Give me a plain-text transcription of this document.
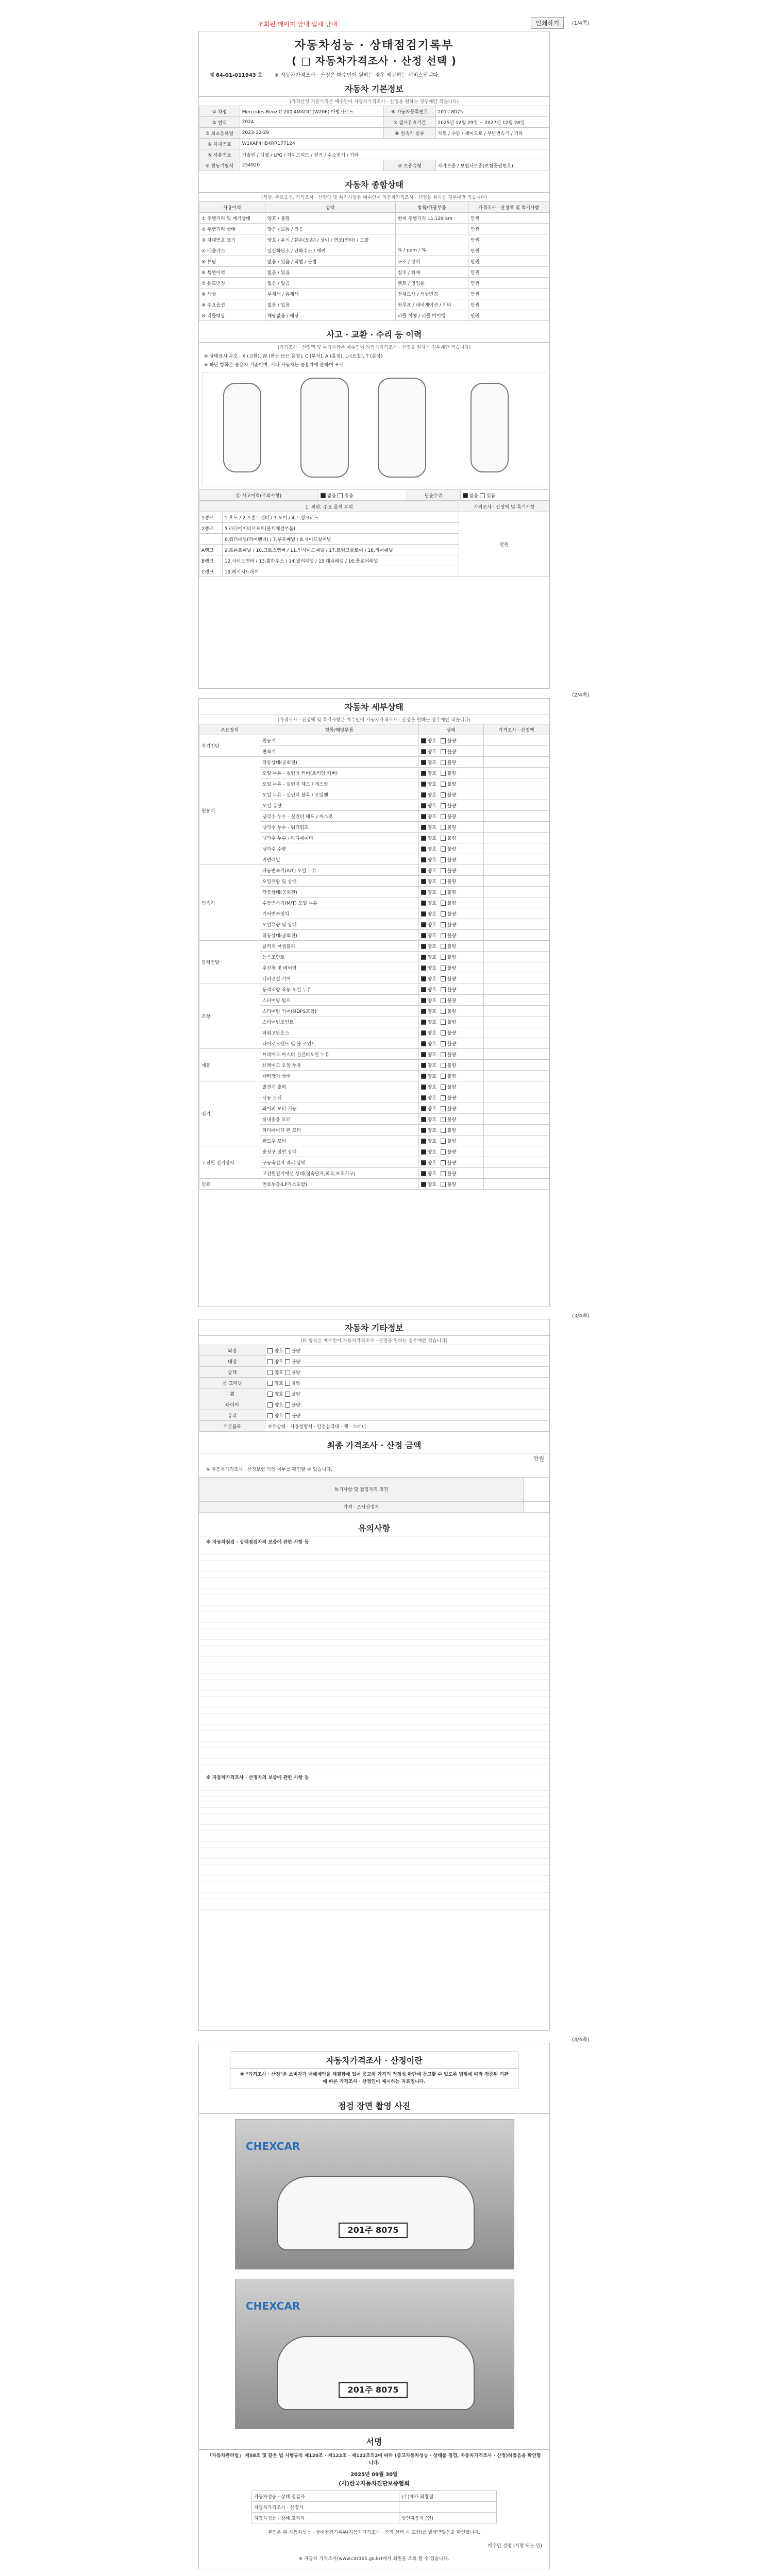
조회된 페이지 안내 업체 안내	인쇄하기	(1/4쪽)
자동차성능 · 상태점검기록부
( □ 자동차가격조사 · 산정 선택 )
제 64-01-011943 호 ※ 자동차가격조사 · 산정은 매수인이 원하는 경우 제공하는 서비스입니다.
자동차 기본정보
(가격산정 기준가격은 매수인이 자동차가격조사 · 산정을 원하는 경우에만 적습니다)
① 차명	Mercedes-Benz C 200 4MATIC (W206) 아방가르드	⑥ 자동차등록번호	201주8075
② 연식	2024	⑦ 검사유효기간	2025년 12월 29일 ~ 2027년 12월 28일
③ 최초등록일	2023-12-29	⑧ 변속기 종류	자동 / 수동 / 세미오토 / 무단변속기 / 기타
④ 차대번호	W1KAF4HB4RR177124		
⑤ 사용연료	가솔린 / 디젤 / LPG / 하이브리드 / 전기 / 수소전기 / 기타		
⑨ 원동기형식	254920	⑩ 보증유형	자가보증 / 보험사보증(보험증권번호)
자동차 종합상태
(색상, 주요옵션, 가격조사 · 산정액 및 특기사항은 매수인이 자동차가격조사 · 산정을 원하는 경우에만 적습니다)
사용이력	상태	항목/해당부품	가격조사 · 산정액 및 특기사항
① 주행거리 및 계기상태	양호 / 불량	현재 주행거리 11,129 km	만원
② 주행거리 상태	많음 / 보통 / 적음		만원
③ 차대번호 표기	양호 / 부식 / 훼손(오손) / 상이 / 변조(변타) / 도말		만원
④ 배출가스	일산화탄소 / 탄화수소 / 매연	% / ppm / %	만원
⑤ 튜닝	없음 / 있음 / 적법 / 불법	구조 / 장치	만원
⑥ 특별이력	없음 / 있음	침수 / 화재	만원
⑦ 용도변경	없음 / 있음	렌트 / 영업용	만원
⑧ 색상	무채색 / 유채색	전체도색 / 색상변경	만원
⑨ 주요옵션	없음 / 있음	썬루프 / 네비게이션 / 기타	만원
⑩ 리콜대상	해당없음 / 해당	리콜 이행 / 리콜 미이행	만원
사고 · 교환 · 수리 등 이력
(가격조사 · 산정액 및 특기사항은 매수인이 자동차가격조사 · 산정을 원하는 경우에만 적습니다)
※ 상태표시 부호 : X (교환), W (판금 또는 용접), C (부식), A (흠집), U (요철), T (손상)
※ 하단 항목은 승용차 기준이며, 기타 자동차는 승용차에 준하여 표시
⑪ 사고이력(주의사항)	없음 있음	단순수리	없음 있음
1. 외판, 주요 골격 부위		가격조사 · 산정액 및 특기사항
1랭크	1.후드 / 2.프론트펜더 / 3.도어 / 4.트렁크리드	만원
2랭크	5.라디에이터서포트(볼트체결부품)	
	6.쿼터패널(리어펜더) / 7.루프패널 / 8.사이드실패널	
A랭크	9.프론트패널 / 10.크로스멤버 / 11.인사이드패널 / 17.트렁크플로어 / 18.리어패널	
B랭크	12.사이드멤버 / 13.휠하우스 / 14.필러패널 / 15.대쉬패널 / 16.플로어패널	
C랭크	19.패키지트레이	
(2/4쪽)
자동차 세부상태
(가격조사 · 산정액 및 특기사항은 매수인이 자동차가격조사 · 산정을 원하는 경우에만 적습니다)
주요장치	항목/해당부품	상태	가격조사 · 산정액
자기진단	원동기	양호 불량	
	변속기	양호 불량	
원동기	작동상태(공회전)	양호 불량	
	오일 누유 - 실린더 커버(로커암 커버)	양호 불량	
	오일 누유 - 실린더 헤드 / 개스킷	양호 불량	
	오일 누유 - 실린더 블록 / 오일팬	양호 불량	
	오일 유량	양호 불량	
	냉각수 누수 - 실린더 헤드 / 개스킷	양호 불량	
	냉각수 누수 - 워터펌프	양호 불량	
	냉각수 누수 - 라디에이터	양호 불량	
	냉각수 수량	양호 불량	
	커먼레일	양호 불량	
변속기	자동변속기(A/T) 오일 누유	양호 불량	
	오일유량 및 상태	양호 불량	
	작동상태(공회전)	양호 불량	
	수동변속기(M/T) 오일 누유	양호 불량	
	기어변속장치	양호 불량	
	오일유량 및 상태	양호 불량	
	작동상태(공회전)	양호 불량	
동력전달	클러치 어셈블리	양호 불량	
	등속조인트	양호 불량	
	추진축 및 베어링	양호 불량	
	디퍼렌셜 기어	양호 불량	
조향	동력조향 작동 오일 누유	양호 불량	
	스티어링 펌프	양호 불량	
	스티어링 기어(MDPS포함)	양호 불량	
	스티어링조인트	양호 불량	
	파워고압호스	양호 불량	
	타이로드엔드 및 볼 조인트	양호 불량	
제동	브레이크 마스터 실린더오일 누유	양호 불량	
	브레이크 오일 누유	양호 불량	
	배력장치 상태	양호 불량	
전기	발전기 출력	양호 불량	
	시동 모터	양호 불량	
	와이퍼 모터 기능	양호 불량	
	실내송풍 모터	양호 불량	
	라디에이터 팬 모터	양호 불량	
	윈도우 모터	양호 불량	
고전원 전기장치	충전구 절연 상태	양호 불량	
	구동축전지 격리 상태	양호 불량	
	고전원전기배선 상태(접속단자,피복,보호기구)	양호 불량	
연료	연료누출(LP가스포함)	양호 불량	
(3/4쪽)
자동차 기타정보
(타 항목은 매수인이 자동차가격조사 · 산정을 원하는 경우에만 적습니다)
외장	양호 불량
내장	양호 불량
광택	양호 불량
룸 크리닝	양호 불량
휠	양호 불량
타이어	양호 불량
유리	양호 불량
기본품목	보유상태 · 사용설명서 · 안전삼각대 · 잭 · 스패너
최종 가격조사 · 산정 금액
만원
※ 자동차가격조사 · 산정보험 가입 여부를 확인할 수 있습니다.
특기사항 및 점검자의 의견	
가격 · 조사산정자	
유의사항
※ 자동차점검 · 상태점검자의 보증에 관한 사항 등
※ 자동차가격조사 · 산정자의 보증에 관한 사항 등
(4/4쪽)
자동차가격조사 · 산정이란
※ "가격조사 · 산정"은 소비자가 매매계약을 체결함에 있어 중고차 가격의 적정성 판단에 참고할 수 있도록 법령에 따라 검증된 기관에 따른 가격조사 · 산정인이 제시하는 자료입니다.
점검 장면 촬영 사진
CHEXCAR
201주 8075
CHEXCAR
201주 8075
서명
「자동차관리법」 제58조 및 같은 법 시행규칙 제120조 · 제122조 · 제122조의2에 따라 (중고자동차성능 · 상태를 점검, 자동차가격조사 · 산정)하였음을 확인합니다.
2025년 09월 30일
(사)한국자동차진단보증협회
자동차성능 · 상태 점검자	(주)체카 의왕점
자동차가격조사 · 산정자	
자동차성능 · 상태 고지자	성연자동차 (인)
본인은 위 자동차성능 · 상태점검기록부(자동차가격조사 · 산정 선택 시 포함)를 발급받았음을 확인합니다.
매수인 성명 (서명 또는 인)
※ 자동차 가격조사(www.car365.go.kr)에서 회원을 조회 할 수 있습니다.
